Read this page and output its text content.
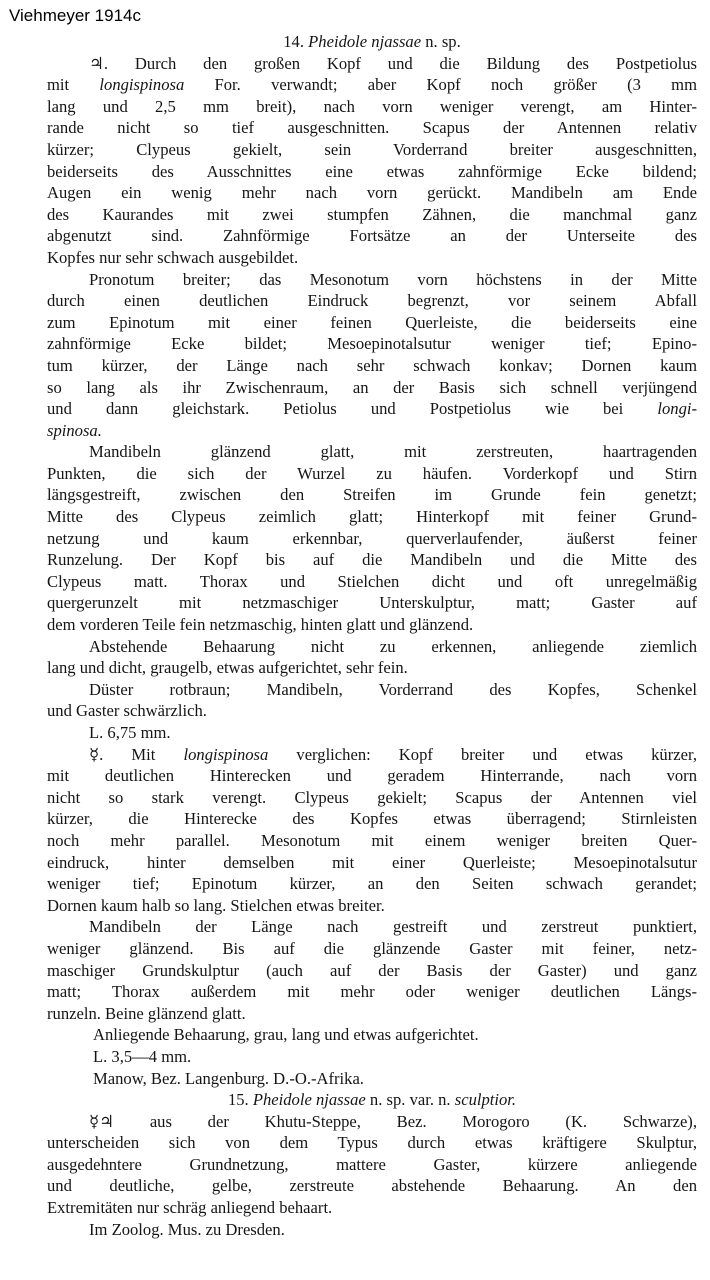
Viehmeyer 1914c

14. Pheidole njassae n. sp.

♃. Durch den großen Kopf und die Bildung des Postpetiolus

mit longispinosa For. verwandt; aber Kopf noch größer (3 mm

lang und 2,5 mm breit), nach vorn weniger verengt, am Hinter-

rande nicht so tief ausgeschnitten. Scapus der Antennen relativ

kürzer; Clypeus gekielt, sein Vorderrand breiter ausgeschnitten,

beiderseits des Ausschnittes eine etwas zahnförmige Ecke bildend;

Augen ein wenig mehr nach vorn gerückt. Mandibeln am Ende

des Kaurandes mit zwei stumpfen Zähnen, die manchmal ganz

abgenutzt sind. Zahnförmige Fortsätze an der Unterseite des

Kopfes nur sehr schwach ausgebildet.

Pronotum breiter; das Mesonotum vorn höchstens in der Mitte

durch einen deutlichen Eindruck begrenzt, vor seinem Abfall

zum Epinotum mit einer feinen Querleiste, die beiderseits eine

zahnförmige Ecke bildet; Mesoepinotalsutur weniger tief; Epino-

tum kürzer, der Länge nach sehr schwach konkav; Dornen kaum

so lang als ihr Zwischenraum, an der Basis sich schnell verjüngend

und dann gleichstark. Petiolus und Postpetiolus wie bei longi-

spinosa.

Mandibeln glänzend glatt, mit zerstreuten, haartragenden

Punkten, die sich der Wurzel zu häufen. Vorderkopf und Stirn

längsgestreift, zwischen den Streifen im Grunde fein genetzt;

Mitte des Clypeus zeimlich glatt; Hinterkopf mit feiner Grund-

netzung und kaum erkennbar, querverlaufender, äußerst feiner

Runzelung. Der Kopf bis auf die Mandibeln und die Mitte des

Clypeus matt. Thorax und Stielchen dicht und oft unregelmäßig

quergerunzelt mit netzmaschiger Unterskulptur, matt; Gaster auf

dem vorderen Teile fein netzmaschig, hinten glatt und glänzend.

Abstehende Behaarung nicht zu erkennen, anliegende ziemlich

lang und dicht, graugelb, etwas aufgerichtet, sehr fein.

Düster rotbraun; Mandibeln, Vorderrand des Kopfes, Schenkel

und Gaster schwärzlich.

L. 6,75 mm.

☿. Mit longispinosa verglichen: Kopf breiter und etwas kürzer,

mit deutlichen Hinterecken und geradem Hinterrande, nach vorn

nicht so stark verengt. Clypeus gekielt; Scapus der Antennen viel

kürzer, die Hinterecke des Kopfes etwas überragend; Stirnleisten

noch mehr parallel. Mesonotum mit einem weniger breiten Quer-

eindruck, hinter demselben mit einer Querleiste; Mesoepinotalsutur

weniger tief; Epinotum kürzer, an den Seiten schwach gerandet;

Dornen kaum halb so lang. Stielchen etwas breiter.

Mandibeln der Länge nach gestreift und zerstreut punktiert,

weniger glänzend. Bis auf die glänzende Gaster mit feiner, netz-

maschiger Grundskulptur (auch auf der Basis der Gaster) und ganz

matt; Thorax außerdem mit mehr oder weniger deutlichen Längs-

runzeln. Beine glänzend glatt.

Anliegende Behaarung, grau, lang und etwas aufgerichtet.

L. 3,5—4 mm.

Manow, Bez. Langenburg. D.-O.-Afrika.

15. Pheidole njassae n. sp. var. n. sculptior.

☿♃ aus der Khutu-Steppe, Bez. Morogoro (K. Schwarze),

unterscheiden sich von dem Typus durch etwas kräftigere Skulptur,

ausgedehntere Grundnetzung, mattere Gaster, kürzere anliegende

und deutliche, gelbe, zerstreute abstehende Behaarung. An den

Extremitäten nur schräg anliegend behaart.

Im Zoolog. Mus. zu Dresden.
